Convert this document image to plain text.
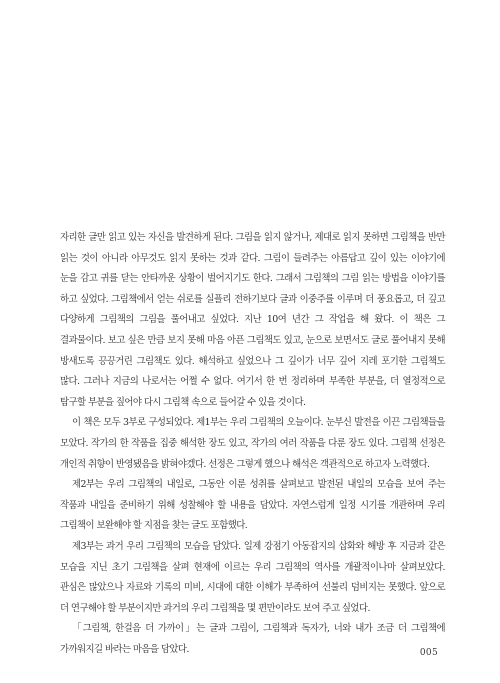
자리한 글만 읽고 있는 자신을 발견하게 된다. 그림을 읽지 않거나, 제대로 읽지 못하면 그림책을 반만 읽는 것이 아니라 아무것도 읽지 못하는 것과 같다. 그림이 들려주는 아름답고 깊이 있는 이야기에 눈을 감고 귀를 닫는 안타까운 상황이 벌어지기도 한다. 그래서 그림책의 그림 읽는 방법을 이야기를 하고 싶었다. 그림책에서 얻는 쉬로를 실플리 전하기보다 글과 이중주를 이루며 더 풍요롭고, 더 깊고 다양하게 그림책의 그림을 풀어내고 싶었다. 지난 10여 년간 그 작업을 해 왔다. 이 책은 그 결과물이다. 보고 싶은 만큼 보지 못해 마음 아픈 그림책도 있고, 눈으로 보면서도 글로 풀어내지 못해 방새도록 끙끙거린 그림책도 있다. 해석하고 싶었으나 그 깊이가 너무 깊어 지레 포기한 그림책도 많다. 그러나 지금의 나로서는 어쩔 수 없다. 여기서 한 번 정리하며 부족한 부분을, 더 열정적으로 탐구할 부분을 짚어야 다시 그림책 속으로 들어갈 수 있을 것이다.

이 책은 모두 3부로 구성되었다. 제1부는 우리 그림책의 오늘이다. 눈부신 발전을 이끈 그림책들을 모았다. 작가의 한 작품을 집중 해석한 장도 있고, 작가의 여러 작품을 다룬 장도 있다. 그림책 선정은 개인적 취향이 반영됐음을 밝혀야겠다. 선정은 그렇게 했으나 해석은 객관적으로 하고자 노력했다.

제2부는 우리 그림책의 내일로, 그동안 이룬 성취를 살펴보고 발전된 내일의 모습을 보여 주는 작품과 내일을 준비하기 위해 성찰해야 할 내용을 담았다. 자연스럽게 일정 시기를 개관하며 우리 그림책이 보완해야 할 지점을 찾는 글도 포함했다.

제3부는 과거 우리 그림책의 모습을 담았다. 일제 강점기 아동잡지의 삽화와 해방 후 지금과 같은 모습을 지닌 초기 그림책을 살펴 현재에 이르는 우리 그림책의 역사를 개괄적이나마 살펴보았다. 관심은 많았으나 자료와 기록의 미비, 시대에 대한 이해가 부족하여 선불리 덤비지는 못했다. 앞으로 더 연구해야 할 부분이지만 과거의 우리 그림책을 몇 편만이라도 보여 주고 싶었다.

「그림책, 한걸음 더 가까이」는 글과 그림이, 그림책과 독자가, 너와 내가 조금 더 그림책에 가까워지길 바라는 마음을 담았다.	005
